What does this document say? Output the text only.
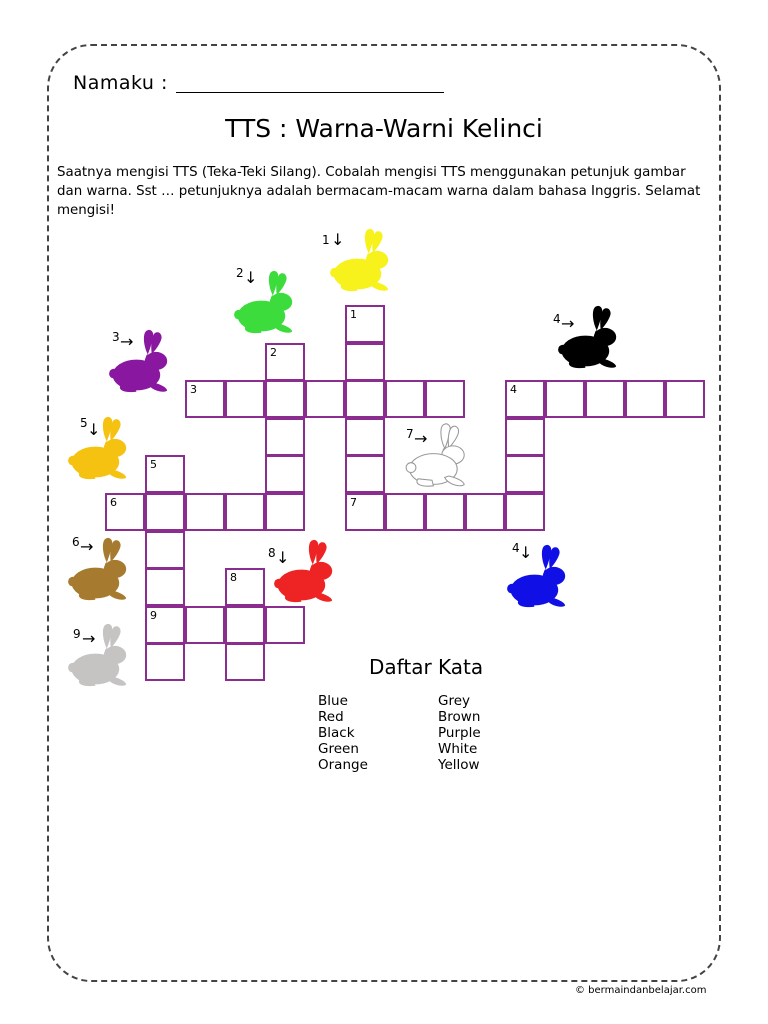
Namaku :
TTS : Warna-Warni Kelinci
Saatnya mengisi TTS (Teka-Teki Silang). Cobalah mengisi TTS menggunakan petunjuk gambar dan warna. Sst … petunjuknya adalah bermacam-macam warna dalam bahasa Inggris. Selamat mengisi!
1
7
2
3	4
5
9
6
8
1 ↓
2 ↓
3 →
4 →
5 ↓
6 →
7 →
8 ↓	4 ↓
9 →
Daftar Kata
Blue
Red
Black
Green
Orange
Grey
Brown
Purple
White
Yellow
© bermaindanbelajar.com
